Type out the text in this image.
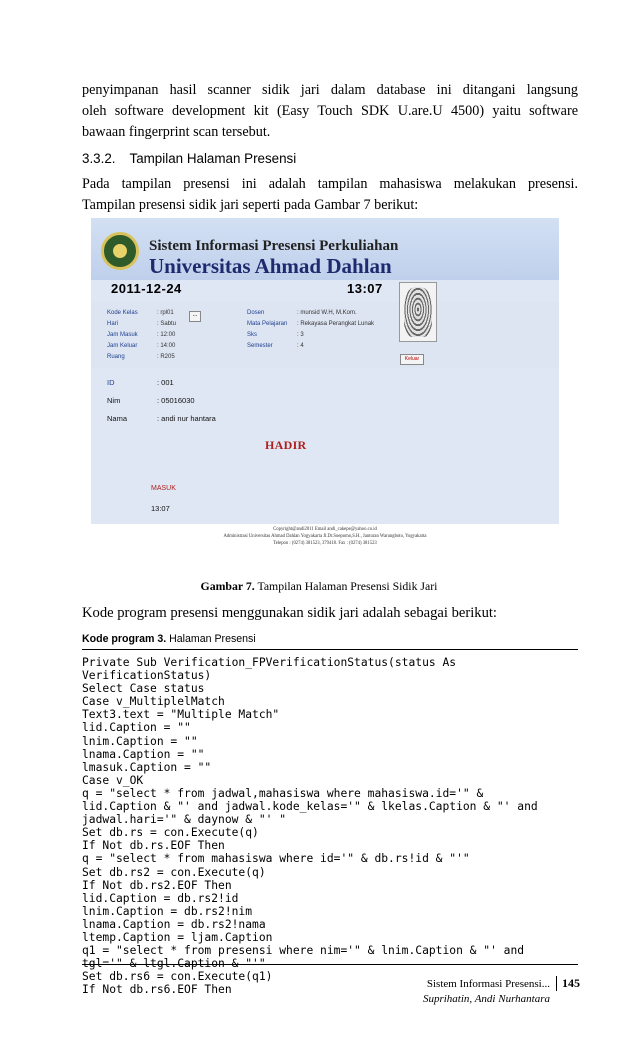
penyimpanan hasil scanner sidik jari dalam database ini ditangani langsung
oleh software development kit (Easy Touch SDK U.are.U 4500) yaitu software
bawaan fingerprint scan tersebut.
3.3.2. Tampilan Halaman Presensi
Pada tampilan presensi ini adalah tampilan mahasiswa melakukan presensi.
Tampilan presensi sidik jari seperti pada Gambar 7 berikut:
Sistem Informasi Presensi Perkuliahan
Universitas Ahmad Dahlan
2011-12-24	13:07
Kode Kelas	: rpl01
Hari	: Sabtu
Jam Masuk	: 12:00
Jam Keluar	: 14:00
Ruang	: R205
Dosen	: munsid W.H, M.Kom.
Mata Pelajaran : Rekayasa Perangkat Lunak
Sks	: 3
Semester	: 4
...
Keluar
ID	: 001
Nim	: 05016030
Nama	: andi nur hantara
HADIR
MASUK
13:07
Copyright@andi2011 Email andi_cakepe@yahoo.co.id
Administrasi Universitas Ahmad Dahlan Yogyakarta Jl.Dr.Soepomo,S.H., Janturan Warungboto, Yogyakarta
Telepon : (0274) 381523, 379418. Fax : (0274) 381523
Gambar 7. Tampilan Halaman Presensi Sidik Jari
Kode program presensi menggunakan sidik jari adalah sebagai berikut:
Kode program 3. Halaman Presensi
Private Sub Verification_FPVerificationStatus(status As
VerificationStatus)
Select Case status
Case v_MultiplelMatch
Text3.text = "Multiple Match"
lid.Caption = ""
lnim.Caption = ""
lnama.Caption = ""
lmasuk.Caption = ""
Case v_OK
q = "select * from jadwal,mahasiswa where mahasiswa.id='" &
lid.Caption & "' and jadwal.kode_kelas='" & lkelas.Caption & "' and
jadwal.hari='" & daynow & "' "
Set db.rs = con.Execute(q)
If Not db.rs.EOF Then
q = "select * from mahasiswa where id='" & db.rs!id & "'"
Set db.rs2 = con.Execute(q)
If Not db.rs2.EOF Then
lid.Caption = db.rs2!id
lnim.Caption = db.rs2!nim
lnama.Caption = db.rs2!nama
ltemp.Caption = ljam.Caption
q1 = "select * from presensi where nim='" & lnim.Caption & "' and
tgl='" & ltgl.Caption & "'"
Set db.rs6 = con.Execute(q1)
If Not db.rs6.EOF Then	Sistem Informasi Presensi...
Suprihatin, Andi Nurhantara
145
